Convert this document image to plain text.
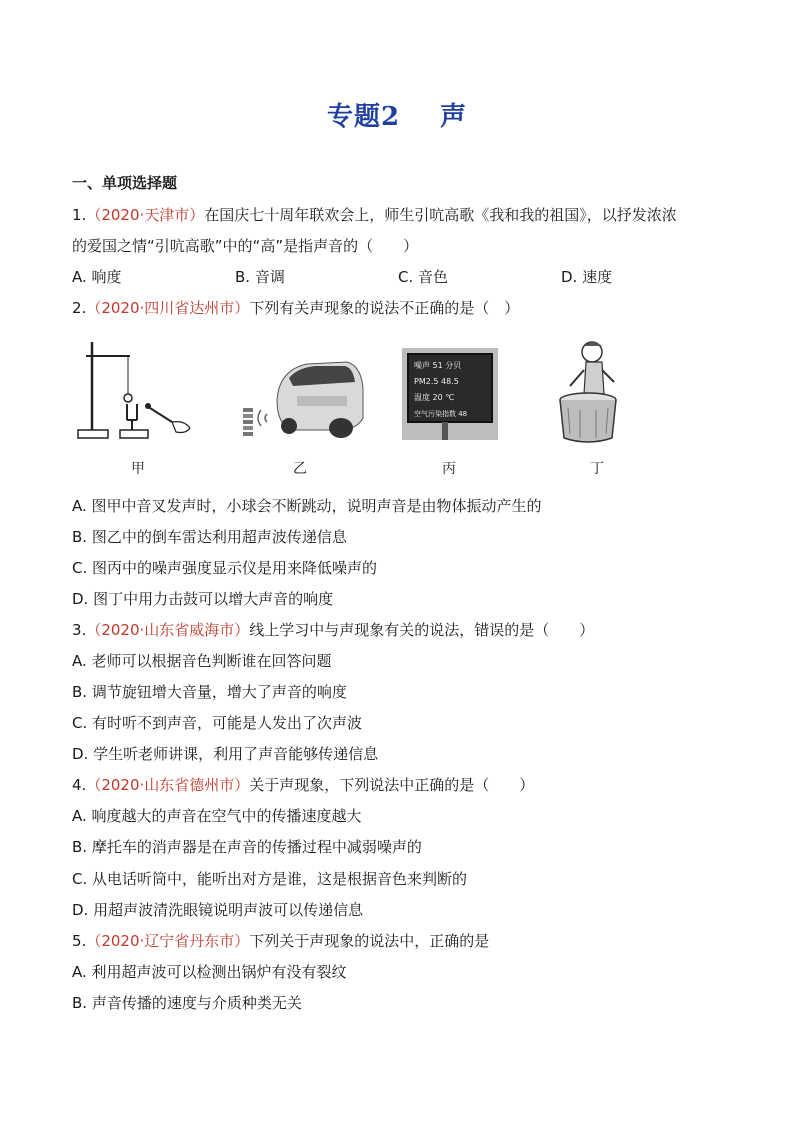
专题2 声
一、单项选择题
1.（2020·天津市）在国庆七十周年联欢会上，师生引吭高歌《我和我的祖国》，以抒发浓浓
的爱国之情“引吭高歌”中的“高”是指声音的（　　）
A. 响度	B. 音调	C. 音色	D. 速度
2.（2020·四川省达州市）下列有关声现象的说法不正确的是（　）
噪声 51 分贝
PM2.5 48.5
温度 20 ℃
空气污染指数 48
甲	乙	丙	丁
A. 图甲中音叉发声时，小球会不断跳动，说明声音是由物体振动产生的
B. 图乙中的倒车雷达利用超声波传递信息
C. 图丙中的噪声强度显示仪是用来降低噪声的
D. 图丁中用力击鼓可以增大声音的响度
3.（2020·山东省威海市）线上学习中与声现象有关的说法，错误的是（　　）
A. 老师可以根据音色判断谁在回答问题
B. 调节旋钮增大音量，增大了声音的响度
C. 有时听不到声音，可能是人发出了次声波
D. 学生听老师讲课，利用了声音能够传递信息
4.（2020·山东省德州市）关于声现象，下列说法中正确的是（　　）
A. 响度越大的声音在空气中的传播速度越大
B. 摩托车的消声器是在声音的传播过程中减弱噪声的
C. 从电话听筒中，能听出对方是谁，这是根据音色来判断的
D. 用超声波清洗眼镜说明声波可以传递信息
5.（2020·辽宁省丹东市）下列关于声现象的说法中，正确的是
A. 利用超声波可以检测出锅炉有没有裂纹
B. 声音传播的速度与介质种类无关
